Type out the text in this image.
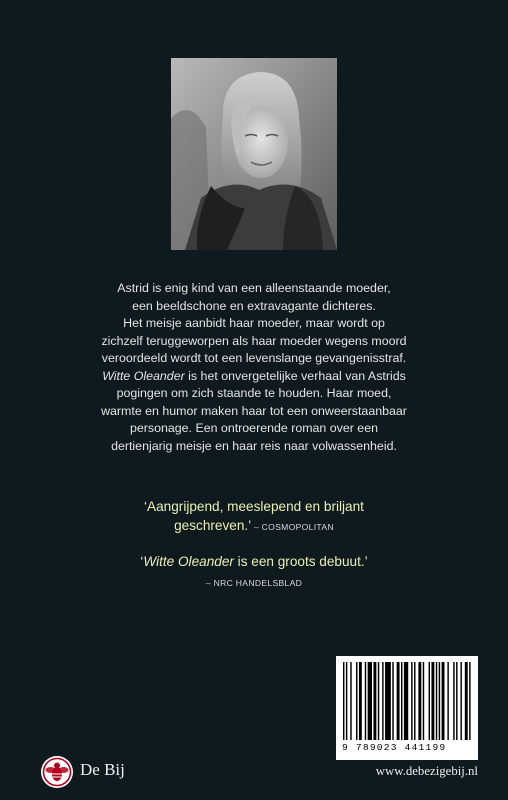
Astrid is enig kind van een alleenstaande moeder,

een beeldschone en extravagante dichteres.

Het meisje aanbidt haar moeder, maar wordt op

zichzelf teruggeworpen als haar moeder wegens moord

veroordeeld wordt tot een levenslange gevangenisstraf.

Witte Oleander is het onvergetelijke verhaal van Astrids

pogingen om zich staande te houden. Haar moed,

warmte en humor maken haar tot een onweerstaanbaar

personage. Een ontroerende roman over een

dertienjarig meisje en haar reis naar volwassenheid.

‘Aangrijpend, meeslepend en briljant
geschreven.’ – COSMOPOLITAN
‘Witte Oleander is een groots debuut.’
– NRC HANDELSBLAD
9 789023 441199
De Bij	www.debezigebij.nl
